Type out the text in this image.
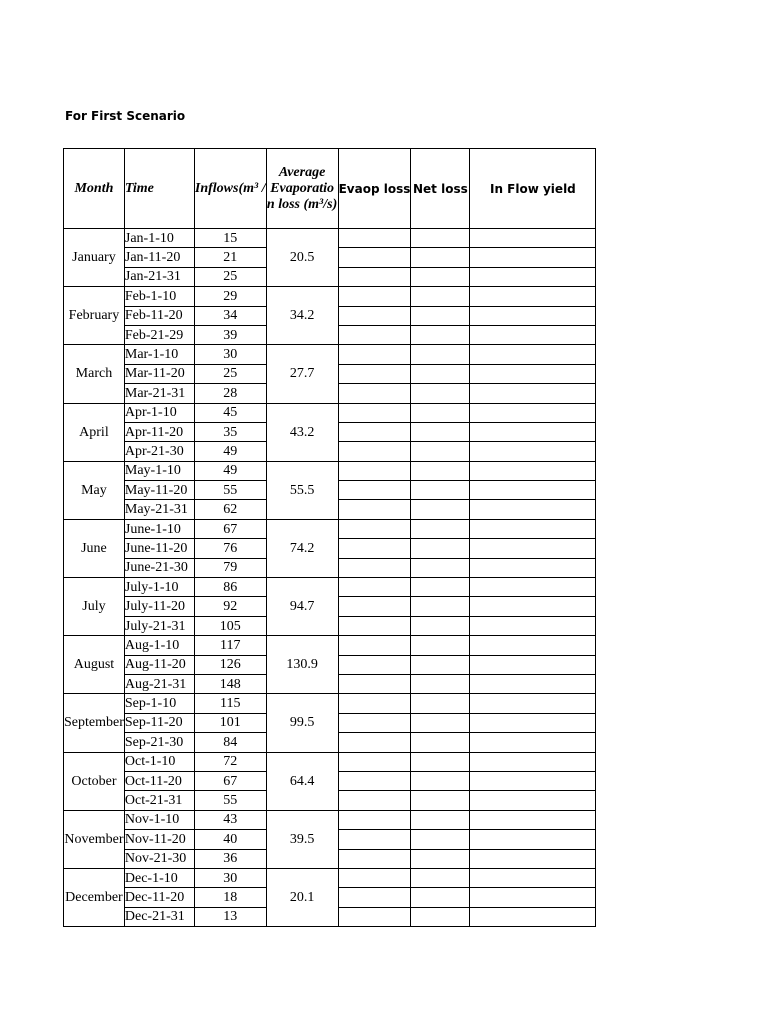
For First Scenario
Month	Time	Inflows(m³ /	Average Evaporatio n loss (m³/s)	Evaop loss	Net loss	In Flow yield
January	Jan-1-10	15	20.5			
	Jan-11-20	21				
	Jan-21-31	25				
February	Feb-1-10	29	34.2			
	Feb-11-20	34				
	Feb-21-29	39				
March	Mar-1-10	30	27.7			
	Mar-11-20	25				
	Mar-21-31	28				
April	Apr-1-10	45	43.2			
	Apr-11-20	35				
	Apr-21-30	49				
May	May-1-10	49	55.5			
	May-11-20	55				
	May-21-31	62				
June	June-1-10	67	74.2			
	June-11-20	76				
	June-21-30	79				
July	July-1-10	86	94.7			
	July-11-20	92				
	July-21-31	105				
August	Aug-1-10	117	130.9			
	Aug-11-20	126				
	Aug-21-31	148				
September	Sep-1-10	115	99.5			
	Sep-11-20	101				
	Sep-21-30	84				
October	Oct-1-10	72	64.4			
	Oct-11-20	67				
	Oct-21-31	55				
November	Nov-1-10	43	39.5			
	Nov-11-20	40				
	Nov-21-30	36				
December	Dec-1-10	30	20.1			
	Dec-11-20	18				
	Dec-21-31	13				
